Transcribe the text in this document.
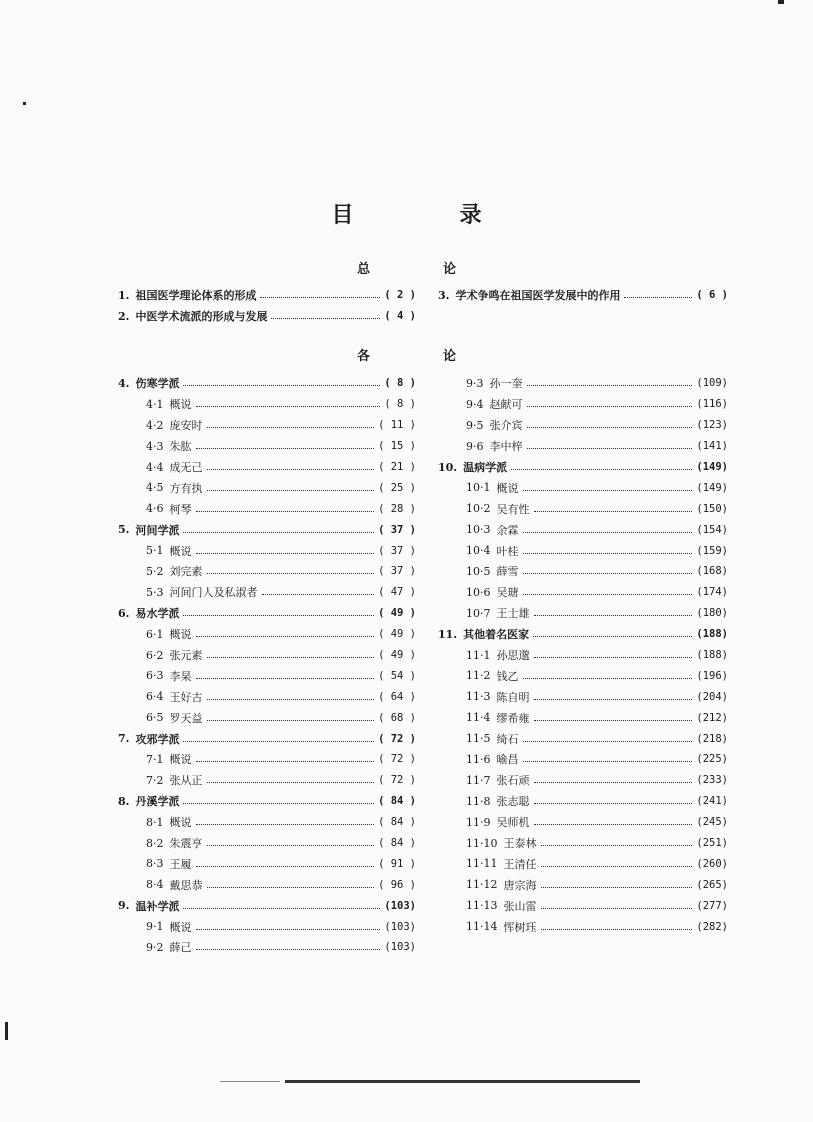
目　录
总　论
1. 祖国医学理论体系的形成	( 2 )
2. 中医学术流派的形成与发展	( 4 )
3. 学术争鸣在祖国医学发展中的作用	( 6 )
各　论
4. 伤寒学派	( 8 )
4·1 概说	( 8 )
4·2 庞安时	( 11 )
4·3 朱肱	( 15 )
4·4 成无己	( 21 )
4·5 方有执	( 25 )
4·6 柯琴	( 28 )
5. 河间学派	( 37 )
5·1 概说	( 37 )
5·2 刘完素	( 37 )
5·3 河间门人及私淑者	( 47 )
6. 易水学派	( 49 )
6·1 概说	( 49 )
6·2 张元素	( 49 )
6·3 李杲	( 54 )
6·4 王好古	( 64 )
6·5 罗天益	( 68 )
7. 攻邪学派	( 72 )
7·1 概说	( 72 )
7·2 张从正	( 72 )
8. 丹溪学派	( 84 )
8·1 概说	( 84 )
8·2 朱震亨	( 84 )
8·3 王履	( 91 )
8·4 戴思恭	( 96 )
9. 温补学派	(103)
9·1 概说	(103)
9·2 薛己	(103)
9·3 孙一奎	(109)
9·4 赵献可	(116)
9·5 张介宾	(123)
9·6 李中梓	(141)
10. 温病学派	(149)
10·1 概说	(149)
10·2 吴有性	(150)
10·3 余霖	(154)
10·4 叶桂	(159)
10·5 薛雪	(168)
10·6 吴瑭	(174)
10·7 王士雄	(180)
11. 其他着名医家	(188)
11·1 孙思邈	(188)
11·2 钱乙	(196)
11·3 陈自明	(204)
11·4 缪希雍	(212)
11·5 绮石	(218)
11·6 喻昌	(225)
11·7 张石顽	(233)
11·8 张志聪	(241)
11·9 吴师机	(245)
11·10 王泰林	(251)
11·11 王清任	(260)
11·12 唐宗海	(265)
11·13 张山雷	(277)
11·14 恽树珏	(282)
